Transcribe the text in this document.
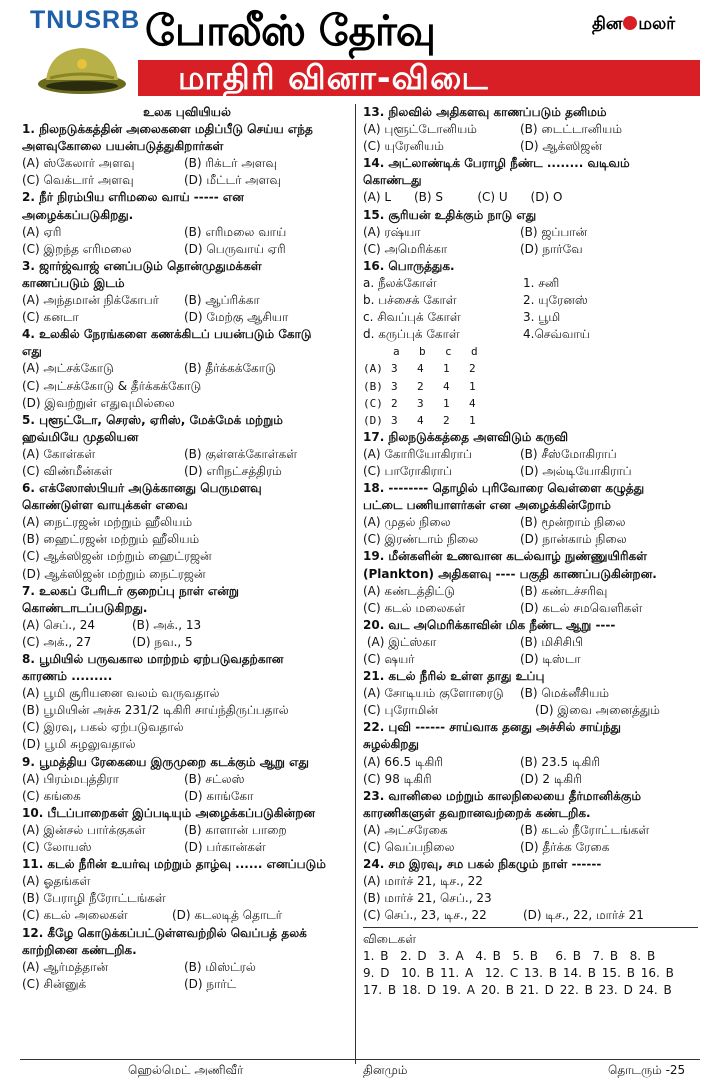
TNUSRB போலீஸ் தேர்வு
மாதிரி வினா-விடை
தின மலர்
உலக புவியியல்
1. நிலநடுக்கத்தின் அலைகளை மதிப்பீடு செய்ய எந்த
அளவுகோலை பயன்படுத்துகிறார்கள்
(A) ஸ்கேலார் அளவு	(B) ரிக்டர் அளவு
(C) வெக்டார் அளவு	(D) மீட்டர் அளவு
2. நீர் நிரம்பிய எரிமலை வாய் ----- என
அழைக்கப்படுகிறது.
(A) ஏரி	(B) எரிமலை வாய்
(C) இறந்த எரிமலை	(D) பெருவாய் ஏரி
3. ஜார்ஜ்வாஜ் எனப்படும் தொன்முதுமக்கள்
காணப்படும் இடம்
(A) அந்தமான் நிக்கோபர்	(B) ஆப்ரிக்கா
(C) கனடா	(D) மேற்கு ஆசியா
4. உலகில் நேரங்களை கணக்கிடப் பயன்படும் கோடு
எது
(A) அட்சக்கோடு	(B) தீர்க்கக்கோடு
(C) அட்சக்கோடு & தீர்க்கக்கோடு
(D) இவற்றுள் எதுவுமில்லை
5. புளூட்டோ, செரஸ், ஏரிஸ், மேக்மேக் மற்றும்
ஹவ்மியே முதலியன
(A) கோள்கள்	(B) குள்ளக்கோள்கள்
(C) விண்மீன்கள்	(D) எரிநட்சத்திரம்
6. எக்ஸோஸ்பியர் அடுக்கானது பெருமளவு
கொண்டுள்ள வாயுக்கள் எவை
(A) நைட்ரஜன் மற்றும் ஹீலியம்
(B) ஹைட்ரஜன் மற்றும் ஹீலியம்
(C) ஆக்ஸிஜன் மற்றும் ஹைட்ரஜன்
(D) ஆக்ஸிஜன் மற்றும் நைட்ரஜன்
7. உலகப் பேரிடர் குறைப்பு நாள் என்று
கொண்டாடப்படுகிறது.
(A) செப்., 24	(B) அக்., 13
(C) அக்., 27	(D) நவ., 5
8. பூமியில் பருவகால மாற்றம் ஏற்படுவதற்கான
காரணம் .........
(A) பூமி சூரியனை வலம் வருவதால்
(B) பூமியின் அச்சு 231/2 டிகிரி சாய்ந்திருப்பதால்
(C) இரவு, பகல் ஏற்படுவதால்
(D) பூமி சுழலுவதால்
9. பூமத்திய ரேகையை இருமுறை கடக்கும் ஆறு எது
(A) பிரம்மபுத்திரா	(B) சட்லஸ்
(C) கங்கை	(D) காங்கோ
10. பீடப்பாறைகள் இப்படியும் அழைக்கப்படுகின்றன
(A) இன்சல் பார்க்குகள்	(B) காளான் பாறை
(C) லோயஸ்	(D) பர்கான்கள்
11. கடல் நீரின் உயர்வு மற்றும் தாழ்வு ...... எனப்படும்
(A) ஓதங்கள்
(B) பேராழி நீரோட்டங்கள்
(C) கடல் அலைகள்	(D) கடலடித் தொடர்
12. கீழே கொடுக்கப்பட்டுள்ளவற்றில் வெப்பத் தலக்
காற்றினை கண்டறிக.
(A) ஆர்மத்தான்	(B) மிஸ்ட்ரல்
(C) சின்னுக்	(D) நார்ட்
13. நிலவில் அதிகளவு காணப்படும் தனிமம்
(A) புளூட்டோனியம்	(B) டைட்டானியம்
(C) யுரேனியம்	(D) ஆக்ஸிஜன்
14. அட்லாண்டிக் பேராழி நீண்ட ........ வடிவம்
கொண்டது
(A) L      (B) S         (C) U      (D) O
15. சூரியன் உதிக்கும் நாடு எது
(A) ரஷ்யா	(B) ஜப்பான்
(C) அமெரிக்கா	(D) நார்வே
16. பொருத்துக.
a. நீலக்கோள்	1. சனி
b. பச்சைக் கோள்	2. யுரேனஸ்
c. சிவப்புக் கோள்	3. பூமி
d. கருப்புக் கோள்	4.செவ்வாய்
a	b	c	d
(A) 3	4	1	2
(B) 3	2	4	1
(C) 2	3	1	4
(D) 3	4	2	1
17. நிலநடுக்கத்தை அளவிடும் கருவி
(A) கோரியோகிராப்	(B) சீஸ்மோகிராப்
(C) பாரோகிராப்	(D) அல்டியோகிராப்
18. -------- தொழில் புரிவோரை வெள்ளை கழுத்து
பட்டை பணியாளர்கள் என அழைக்கின்றோம்
(A) முதல் நிலை	(B) மூன்றாம் நிலை
(C) இரண்டாம் நிலை	(D) நான்காம் நிலை
19. மீன்களின் உணவான கடல்வாழ் நுண்ணுயிரிகள்
(Plankton) அதிகளவு ---- பகுதி காணப்படுகின்றன.
(A) கண்டத்திட்டு	(B) கண்டச்சரிவு
(C) கடல் மலைகள்	(D) கடல் சமவெளிகள்
20. வட அமெரிக்காவின் மிக நீண்ட ஆறு ----
(A) இட்ஸ்கா	(B) மிசிசிபி
(C) ஷயர்	(D) டிஸ்டா
21. கடல் நீரில் உள்ள தாது உப்பு
(A) சோடியம் குளோரைடு	(B) மெக்னீசியம்
(C) புரோமின்	(D) இவை அனைத்தும்
22. புவி ------ சாய்வாக தனது அச்சில் சாய்ந்து
சுழல்கிறது
(A) 66.5 டிகிரி	(B) 23.5 டிகிரி
(C) 98 டிகிரி	(D) 2 டிகிரி
23. வானிலை மற்றும் காலநிலையை தீர்மானிக்கும்
காரணிகளுள் தவறானவற்றைக் கண்டறிக.
(A) அட்சரேகை	(B) கடல் நீரோட்டங்கள்
(C) வெப்பநிலை	(D) தீர்க்க ரேகை
24. சம இரவு, சம பகல் நிகழும் நாள் ------
(A) மார்ச் 21, டிச., 22
(B) மார்ச் 21, செப்., 23
(C) செப்., 23, டிச., 22	(D) டிச., 22, மார்ச் 21
விடைகள்
1. B  2. D  3. A  4. B  5. B   6. B  7. B  8. B
9. D  10. B 11. A  12. C 13. B 14. B 15. B 16. B
17. B 18. D 19. A 20. B 21. D 22. B 23. D 24. B
ஹெல்மெட் அணிவீர்	தினமும்	தொடரும் -25
